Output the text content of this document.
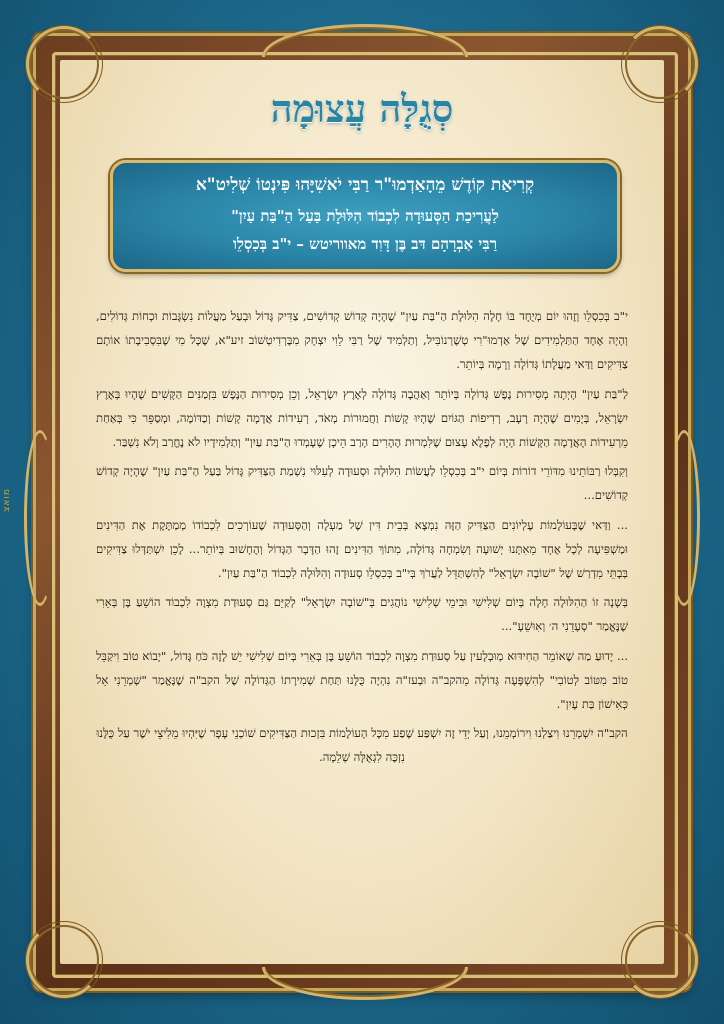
מואצ
סְגֻלָּה עֲצוּמָה
קְרִיאַת קוֹדֶשׁ מֵהָאַדְמוּ"ר רַבִּי יֹאשִׁיָּהוּ פִּינְטוֹ שְׁלִיט"א
לַעֲרִיכַת הַסְּעוּדָה לִכְבוֹד הִלּוּלָת בַּעַל הַ"בַּת עַיִן"
רַבִּי אַבְרָהָם דּב בֶּן דָּוִד מאווריטש – י"ב בְּכִסְלֵו

י"ב בְּכִסְלֵו וְזֶהוּ יוֹם מְיֻחָד בּוֹ חָלָה הִלּוּלָת הַ"בַּת עַיִן" שֶׁהָיָה קְדוֹשׁ קְדוֹשִׁים, צַדִּיק גָּדוֹל וּבְעַל מַעֲלוֹת נִשְׂגָּבוֹת וּכְחוֹת גְּדוֹלִים, וְהָיָה אֶחָד הַתַּלְמִידִים שֶׁל אַדְמוּ"רִי טְשֶׁרְנוֹבִּיל, וְתַלְמִיד שֶׁל רַבִּי לֵוִי יִצְחָק מִבֶּרְדִיטְשׁוֹב זיע"א, שֶׁכָּל מִי שֶׁבִּסְבִיבָתוֹ אוֹתָם צַדִּיקִים וַדַּאי מַעֲלָתוֹ גְּדוֹלָה וְרָמָה בְּיוֹתֵר.

לַ"בַּת עַיִן" הָיְתָה מְסִירוּת נֶפֶשׁ גְּדוֹלָה בְּיוֹתֵר וְאַהֲבָה גְּדוֹלָה לְאֶרֶץ יִשְׂרָאֵל, וְכֵן מְסִירוּת הַנֶּפֶשׁ בִּזְמַנִּים הַקָּשִׁים שֶׁהָיוּ בְּאֶרֶץ יִשְׂרָאֵל, בְּיָמִים שֶׁהָיָה רָעָב, רְדִיפוֹת הַגּוֹיִם שֶׁהָיוּ קָשׁוֹת וַחֲמוּרוֹת מְאֹד, רְעִידוֹת אֲדָמָה קָשׁוֹת וְכַדּוֹמֶה, וּמְסַפֵּר כִּי בְּאַחַת מֵרְעִידוֹת הָאֲדָמָה הַקָּשׁוֹת הָיָה לְפֶלֶא עָצוּם שֶׁלִּמְרוּת הֶהָרִים הָרַב הֵיכָן שֶׁעָמְדוּ הַ"בַּת עַיִן" וְתַלְמִידָיו לֹא נֶחֱרַב וְלֹא נִשְׁבַּר.

וְקִבְּלוּ רַבּוֹתֵינוּ מִדּוֹרֵי דוֹרוֹת בְּיוֹם י"ב בְּכִסְלֵו לַעֲשׂוֹת הִלּוּלָה וּסְעוּדָה לְעִלּוּי נִשְׁמַת הַצַּדִּיק גָּדוֹל בַּעַל הַ"בַּת עַיִן" שֶׁהָיָה קְדוֹשׁ קְדוֹשִׁים...

... וַדַּאי שֶׁבָּעוֹלָמוֹת עֶלְיוֹנִים הַצַּדִּיק הַזֶּה נִמְצָא בְּבֵית דִּין שֶׁל מַעְלָה וְהַסְּעוּדָה שֶׁעוֹרְכִים לִכְבוֹדוֹ מְמַתֶּקֶת אֶת הַדִּינִים וּמַשְׁפִּיעָה לְכָל אֶחָד מֵאִתָּנוּ יְשׁוּעָה וְשִׂמְחָה גְּדוֹלָה, מִתּוֹךְ הַדִּינִים זֶהוּ הַדָּבָר הַגָּדוֹל וְהֶחָשׁוּב בְּיוֹתֵר... לָכֵן יִשְׁתַּדְּלוּ צַדִּיקִים בְּבָתֵּי מִדְרַשׁ שֶׁל "שׁוֹבָה יִשְׂרָאֵל" לְהִשְׁתַּדֵּל לַעֲרֹךְ בְּי"ב בְּכִסְלֵו סְעוּדָה וְהִלּוּלָה לִכְבוֹד הַ"בַּת עַיִן".

בְּשָׁנָה זוֹ הַהִלּוּלָה חָלָה בְּיוֹם שְׁלִישִׁי וּבִימֵי שְׁלִישִׁי נוֹהֲגִים בְּ"שׁוֹבָה יִשְׂרָאֵל" לְקַיֵּם גַּם סְעוּדַת מִצְוָה לִכְבוֹד הוֹשֵׁעַ בֶּן בְּאֵרִי שֶׁנֶּאֱמַר "סְעָדֵנִי ה׳ וְאִוּשֵׁעָ"...

... יָדוּעַ מַה שֶׁאוֹמֵר הַחִידּוּא מְוּבְלָעין עַל סְעוּדַת מִצְוָה לִכְבוֹד הוֹשֵׁעַ בֶּן בְּאֵרִי בְּיוֹם שְׁלִישִׁי יֵשׁ לָזֶה כֹּחַ גָּדוֹל, "יָבוֹא טוֹב וִיקַבֵּל טוֹב מִטּוֹב לְטוֹבִי" לְהִשְׁפָּעָה גְּדוֹלָה מֵהקב"ה וּבְעז"ה נִהְיֶה כֻּלָּנוּ תַּחַת שְׁמִירָתוֹ הַגְּדוֹלָה שֶׁל הקב"ה שֶׁנֶּאֱמַר "שָׁמְרֵנִי אֵל כְּאִישׁוֹן בַּת עָיִן".

הקב"ה יִשְׁמְרֵנוּ וִיצַלְנוּ וִירוֹמְמֵנוּ, וְעַל יְדֵי זֶה יִשְׁפַּע שֶׁפַע מִכָּל הָעוֹלָמוֹת בִּזְכוּת הַצַּדִּיקִים שׁוֹכְנֵי עָפָר שֶׁיִּהְיוּ מֵלִיצֵי יֹשֶׁר עַל כֻּלָּנוּ נִזְכֶּה לִגְאֻלָּה שְׁלֵמָה.
